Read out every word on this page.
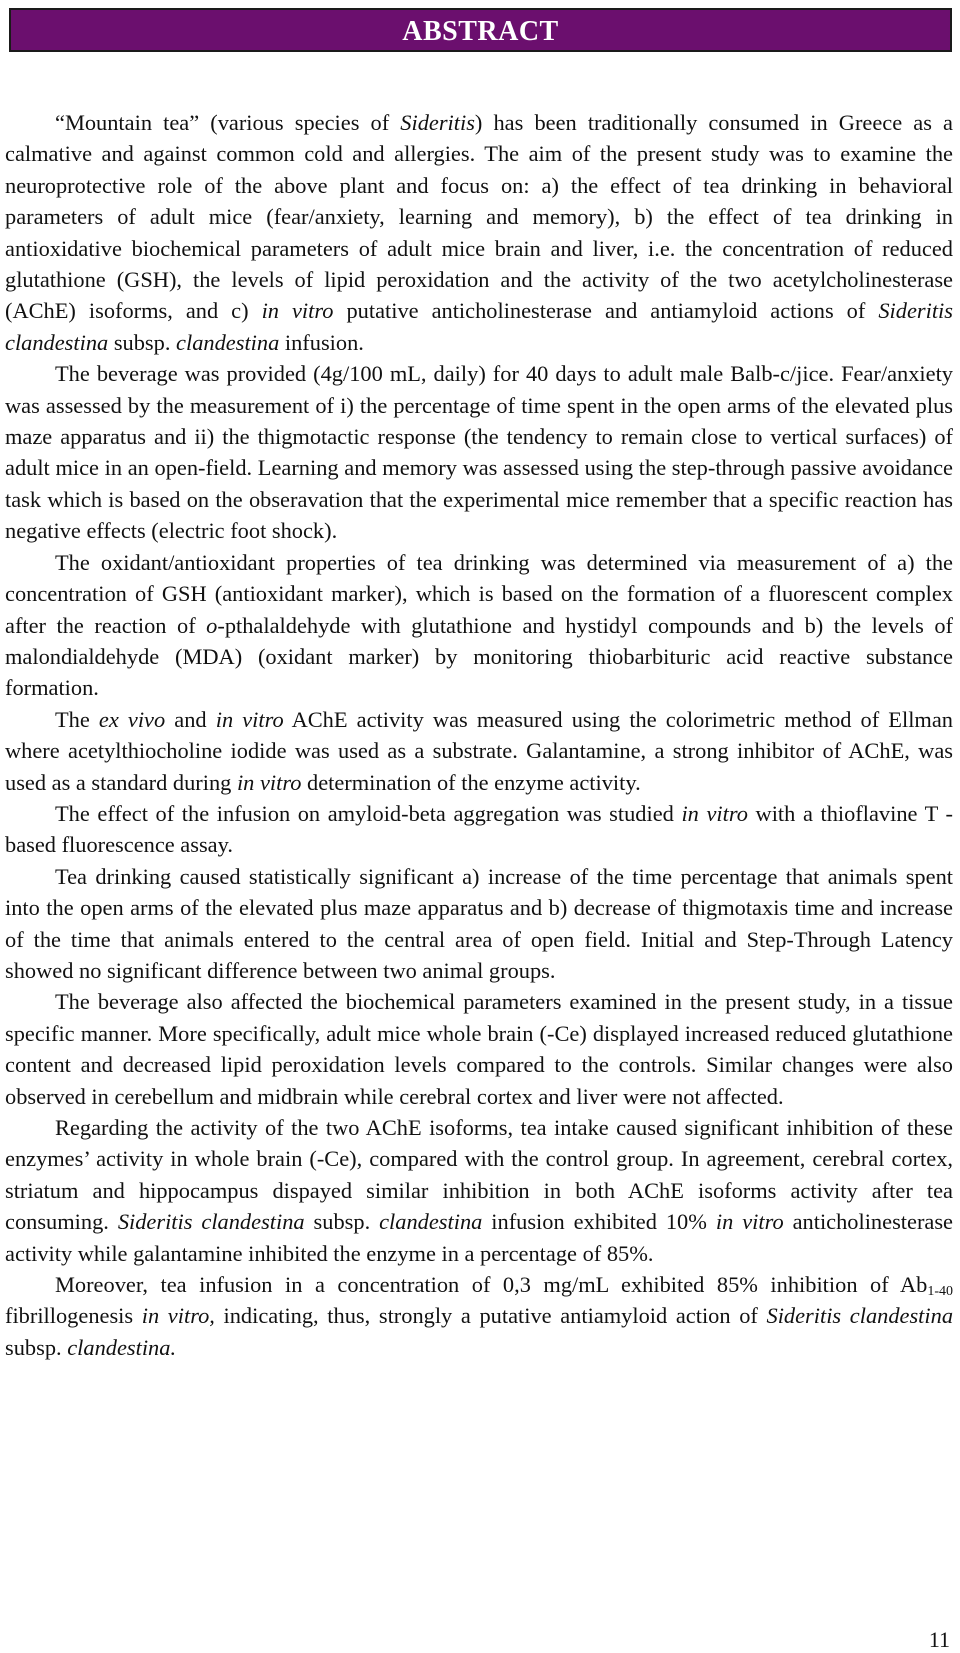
ABSTRACT

“Mountain tea” (various species of Sideritis) has been traditionally consumed in Greece as a calmative and against common cold and allergies. The aim of the present study was to examine the neuroprotective role of the above plant and focus on: a) the effect of tea drinking in behavioral parameters of adult mice (fear/anxiety, learning and memory), b) the effect of tea drinking in antioxidative biochemical parameters of adult mice brain and liver, i.e. the concentration of reduced glutathione (GSH), the levels of lipid peroxidation and the activity of the two acetylcholinesterase (AChE) isoforms, and c) in vitro putative anticholinesterase and antiamyloid actions of Sideritis clandestina subsp. clandestina infusion.

The beverage was provided (4g/100 mL, daily) for 40 days to adult male Balb-c/jice. Fear/anxiety was assessed by the measurement of i) the percentage of time spent in the open arms of the elevated plus maze apparatus and ii) the thigmotactic response (the tendency to remain close to vertical surfaces) of adult mice in an open-field. Learning and memory was assessed using the step-through passive avoidance task which is based on the obseravation that the experimental mice remember that a specific reaction has negative effects (electric foot shock).

The oxidant/antioxidant properties of tea drinking was determined via measurement of a) the concentration of GSH (antioxidant marker), which is based on the formation of a fluorescent complex after the reaction of o-pthalaldehyde with glutathione and hystidyl compounds and b) the levels of malondialdehyde (MDA) (oxidant marker) by monitoring thiobarbituric acid reactive substance formation.

The ex vivo and in vitro AChE activity was measured using the colorimetric method of Ellman where acetylthiocholine iodide was used as a substrate. Galantamine, a strong inhibitor of AChE, was used as a standard during in vitro determination of the enzyme activity.

The effect of the infusion on amyloid-beta aggregation was studied in vitro with a thioflavine T - based fluorescence assay.

Tea drinking caused statistically significant a) increase of the time percentage that animals spent into the open arms of the elevated plus maze apparatus and b) decrease of thigmotaxis time and increase of the time that animals entered to the central area of open field. Initial and Step-Through Latency showed no significant difference between two animal groups.

The beverage also affected the biochemical parameters examined in the present study, in a tissue specific manner. More specifically, adult mice whole brain (-Ce) displayed increased reduced glutathione content and decreased lipid peroxidation levels compared to the controls. Similar changes were also observed in cerebellum and midbrain while cerebral cortex and liver were not affected.

Regarding the activity of the two AChE isoforms, tea intake caused significant inhibition of these enzymes’ activity in whole brain (-Ce), compared with the control group. In agreement, cerebral cortex, striatum and hippocampus dispayed similar inhibition in both AChE isoforms activity after tea consuming. Sideritis clandestina subsp. clandestina infusion exhibited 10% in vitro anticholinesterase activity while galantamine inhibited the enzyme in a percentage of 85%.

Moreover, tea infusion in a concentration of 0,3 mg/mL exhibited 85% inhibition of $Ab_{1-40}$ fibrillogenesis in vitro, indicating, thus, strongly a putative antiamyloid action of Sideritis clandestina subsp. clandestina.

11
